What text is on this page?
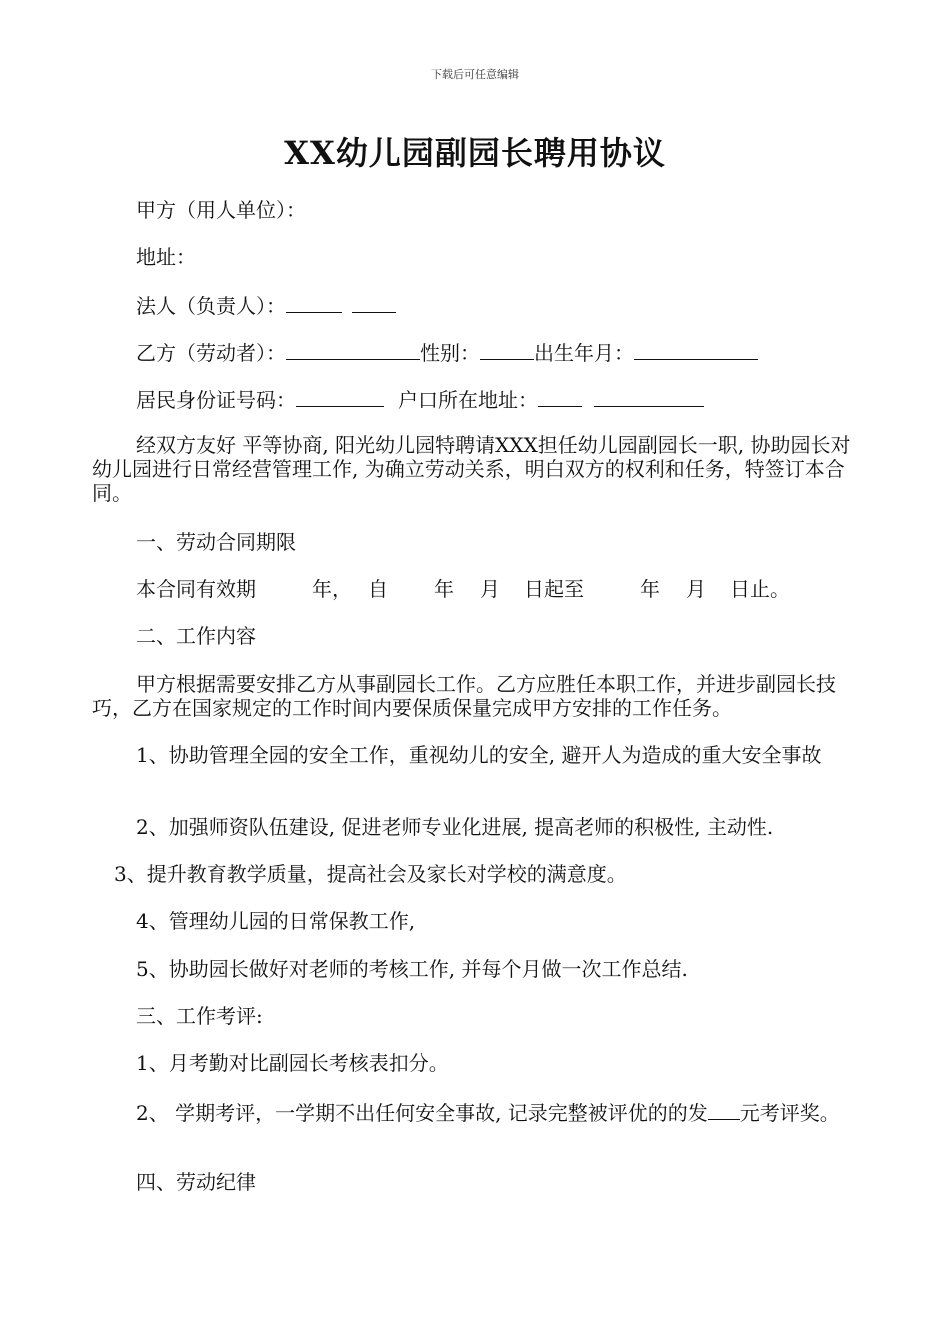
下载后可任意编辑
XX幼儿园副园长聘用协议
甲方（用人单位）：
地址：
法人（负责人）：
乙方（劳动者）：	性别：	出生年月：
居民身份证号码：	户口所在地址：
经双方友好 平等协商, 阳光幼儿园特聘请XXX担任幼儿园副园长一职, 协助园长对幼儿园进行日常经营管理工作, 为确立劳动关系，明白双方的权利和任务，特签订本合同。
一、劳动合同期限
本合同有效期	年， 自 年 月 日起至	年 月 日止。
二、工作内容
甲方根据需要安排乙方从事副园长工作。乙方应胜任本职工作，并进步副园长技巧，乙方在国家规定的工作时间内要保质保量完成甲方安排的工作任务。
1、协助管理全园的安全工作，重视幼儿的安全, 避开人为造成的重大安全事故
2、加强师资队伍建设, 促进老师专业化进展, 提高老师的积极性, 主动性.
3、提升教育教学质量，提高社会及家长对学校的满意度。
4、管理幼儿园的日常保教工作,
5、协助园长做好对老师的考核工作, 并每个月做一次工作总结.
三、工作考评:
1、月考勤对比副园长考核表扣分。
2、 学期考评，一学期不出任何安全事故, 记录完整被评优的的发 元考评奖。
四、劳动纪律
